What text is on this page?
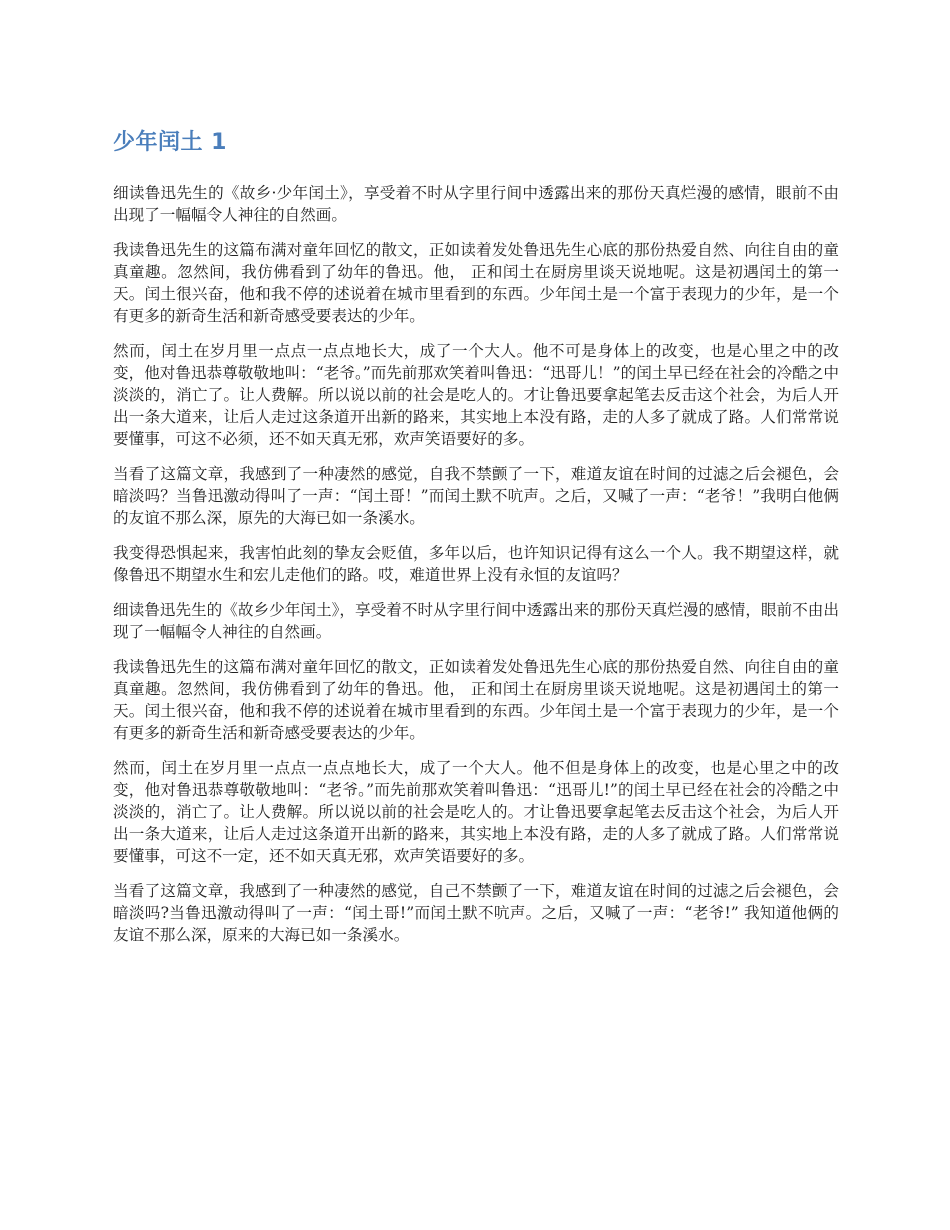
少年闰土 1

细读鲁迅先生的《故乡·少年闰土》，享受着不时从字里行间中透露出来的那份天真烂漫的感情，眼前不由出现了一幅幅令人神往的自然画。

我读鲁迅先生的这篇布满对童年回忆的散文，正如读着发处鲁迅先生心底的那份热爱自然、向往自由的童真童趣。忽然间，我仿佛看到了幼年的鲁迅。他， 正和闰土在厨房里谈天说地呢。这是初遇闰土的第一天。闰土很兴奋，他和我不停的述说着在城市里看到的东西。少年闰土是一个富于表现力的少年，是一个有更多的新奇生活和新奇感受要表达的少年。

然而，闰土在岁月里一点点一点点地长大，成了一个大人。他不可是身体上的改变，也是心里之中的改变，他对鲁迅恭尊敬敬地叫：“老爷。”而先前那欢笑着叫鲁迅：“迅哥儿！”的闰土早已经在社会的冷酷之中淡淡的，消亡了。让人费解。所以说以前的社会是吃人的。才让鲁迅要拿起笔去反击这个社会，为后人开出一条大道来，让后人走过这条道开出新的路来，其实地上本没有路，走的人多了就成了路。人们常常说要懂事，可这不必须，还不如天真无邪，欢声笑语要好的多。

当看了这篇文章，我感到了一种凄然的感觉，自我不禁颤了一下，难道友谊在时间的过滤之后会褪色，会暗淡吗？当鲁迅激动得叫了一声：“闰土哥！”而闰土默不吭声。之后，又喊了一声：“老爷！”我明白他俩的友谊不那么深，原先的大海已如一条溪水。

我变得恐惧起来，我害怕此刻的挚友会贬值，多年以后，也许知识记得有这么一个人。我不期望这样，就像鲁迅不期望水生和宏儿走他们的路。哎，难道世界上没有永恒的友谊吗？

细读鲁迅先生的《故乡少年闰土》，享受着不时从字里行间中透露出来的那份天真烂漫的感情，眼前不由出现了一幅幅令人神往的自然画。

我读鲁迅先生的这篇布满对童年回忆的散文，正如读着发处鲁迅先生心底的那份热爱自然、向往自由的童真童趣。忽然间，我仿佛看到了幼年的鲁迅。他， 正和闰土在厨房里谈天说地呢。这是初遇闰土的第一天。闰土很兴奋，他和我不停的述说着在城市里看到的东西。少年闰土是一个富于表现力的少年，是一个有更多的新奇生活和新奇感受要表达的少年。

然而，闰土在岁月里一点点一点点地长大，成了一个大人。他不但是身体上的改变，也是心里之中的改变，他对鲁迅恭尊敬敬地叫：“老爷。”而先前那欢笑着叫鲁迅：“迅哥儿!”的闰土早已经在社会的冷酷之中淡淡的，消亡了。让人费解。所以说以前的社会是吃人的。才让鲁迅要拿起笔去反击这个社会，为后人开出一条大道来，让后人走过这条道开出新的路来，其实地上本没有路，走的人多了就成了路。人们常常说要懂事，可这不一定，还不如天真无邪，欢声笑语要好的多。

当看了这篇文章，我感到了一种凄然的感觉，自己不禁颤了一下，难道友谊在时间的过滤之后会褪色，会暗淡吗?当鲁迅激动得叫了一声：“闰土哥!”而闰土默不吭声。之后，又喊了一声：“老爷!” 我知道他俩的友谊不那么深，原来的大海已如一条溪水。
